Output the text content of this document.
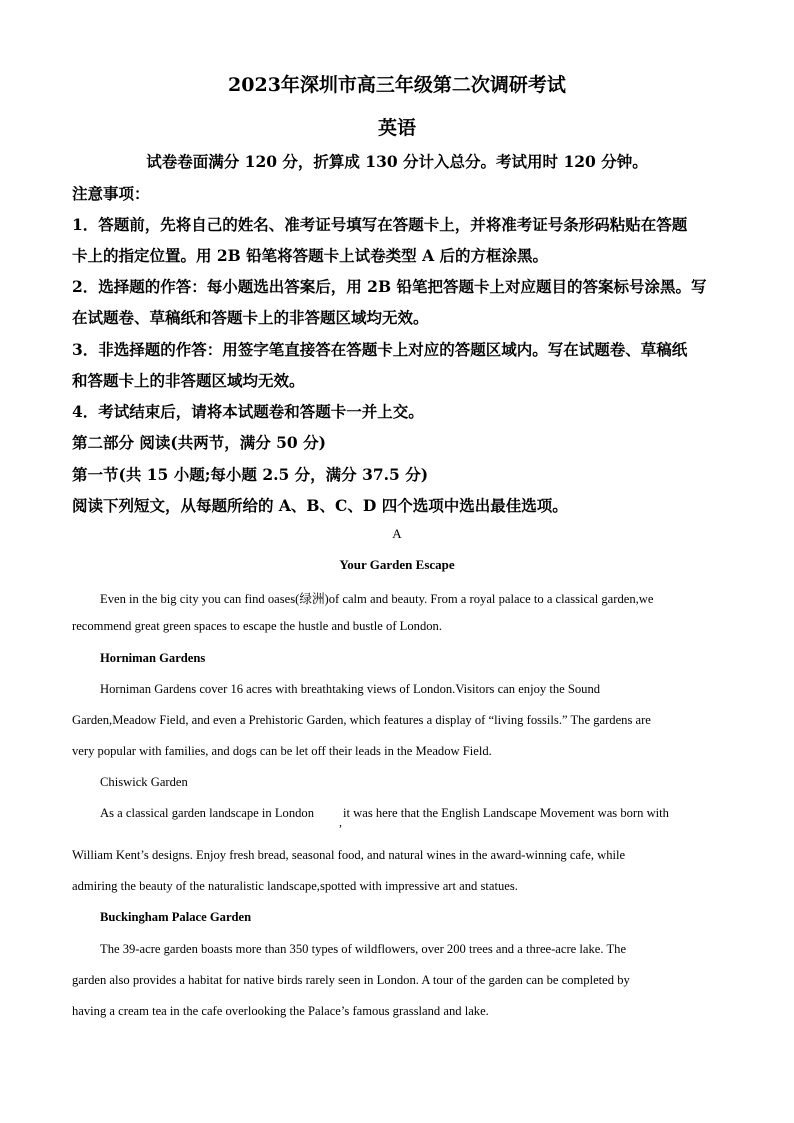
2023年深圳市高三年级第二次调研考试
英语
试卷卷面满分 120 分，折算成 130 分计入总分。考试用时 120 分钟。
注意事项：
1．答题前，先将自己的姓名、准考证号填写在答题卡上，并将准考证号条形码粘贴在答题
卡上的指定位置。用 2B 铅笔将答题卡上试卷类型 A 后的方框涂黑。
2．选择题的作答：每小题选出答案后，用 2B 铅笔把答题卡上对应题目的答案标号涂黑。写
在试题卷、草稿纸和答题卡上的非答题区域均无效。
3．非选择题的作答：用签字笔直接答在答题卡上对应的答题区域内。写在试题卷、草稿纸
和答题卡上的非答题区域均无效。
4．考试结束后，请将本试题卷和答题卡一并上交。
第二部分 阅读(共两节，满分 50 分)
第一节(共 15 小题;每小题 2.5 分，满分 37.5 分)
阅读下列短文，从每题所给的 A、B、C、D 四个选项中选出最佳选项。
A
Your Garden Escape
Even in the big city you can find oases(绿洲)of calm and beauty. From a royal palace to a classical garden,we
recommend great green spaces to escape the hustle and bustle of London.
Horniman Gardens
Horniman Gardens cover 16 acres with breathtaking views of London.Visitors can enjoy the Sound
Garden,Meadow Field, and even a Prehistoric Garden, which features a display of “living fossils.” The gardens are
very popular with families, and dogs can be let off their leads in the Meadow Field.
Chiswick Garden
As a classical garden landscape in London
,
it was here that the English Landscape Movement was born with
William Kent’s designs. Enjoy fresh bread, seasonal food, and natural wines in the award-winning cafe, while
admiring the beauty of the naturalistic landscape,spotted with impressive art and statues.
Buckingham Palace Garden
The 39-acre garden boasts more than 350 types of wildflowers, over 200 trees and a three-acre lake. The
garden also provides a habitat for native birds rarely seen in London. A tour of the garden can be completed by
having a cream tea in the cafe overlooking the Palace’s famous grassland and lake.
